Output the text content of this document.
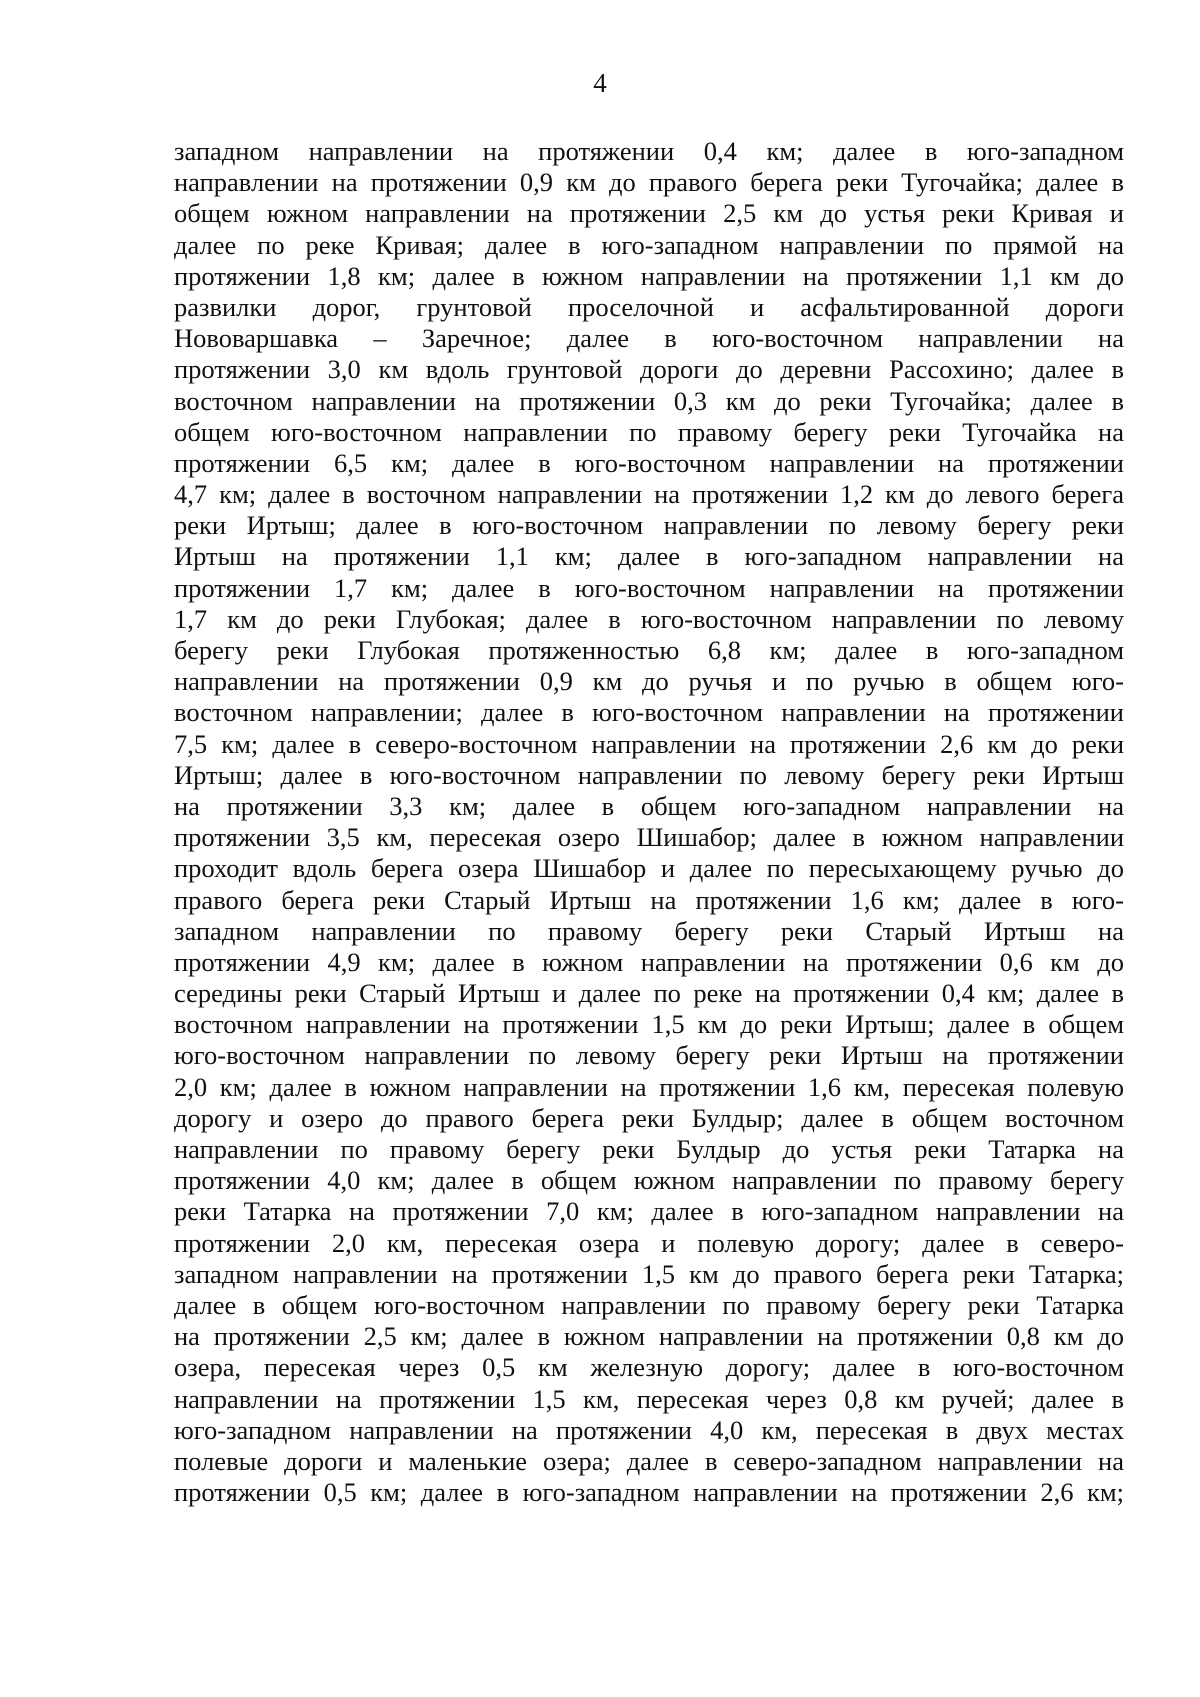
4
западном направлении на протяжении 0,4 км; далее в юго-западном
направлении на протяжении 0,9 км до правого берега реки Тугочайка; далее в
общем южном направлении на протяжении 2,5 км до устья реки Кривая и
далее по реке Кривая; далее в юго-западном направлении по прямой на
протяжении 1,8 км; далее в южном направлении на протяжении 1,1 км до
развилки дорог, грунтовой проселочной и асфальтированной дороги
Нововаршавка – Заречное; далее в юго-восточном направлении на
протяжении 3,0 км вдоль грунтовой дороги до деревни Рассохино; далее в
восточном направлении на протяжении 0,3 км до реки Тугочайка; далее в
общем юго-восточном направлении по правому берегу реки Тугочайка на
протяжении 6,5 км; далее в юго-восточном направлении на протяжении
4,7 км; далее в восточном направлении на протяжении 1,2 км до левого берега
реки Иртыш; далее в юго-восточном направлении по левому берегу реки
Иртыш на протяжении 1,1 км; далее в юго-западном направлении на
протяжении 1,7 км; далее в юго-восточном направлении на протяжении
1,7 км до реки Глубокая; далее в юго-восточном направлении по левому
берегу реки Глубокая протяженностью 6,8 км; далее в юго-западном
направлении на протяжении 0,9 км до ручья и по ручью в общем юго-
восточном направлении; далее в юго-восточном направлении на протяжении
7,5 км; далее в северо-восточном направлении на протяжении 2,6 км до реки
Иртыш; далее в юго-восточном направлении по левому берегу реки Иртыш
на протяжении 3,3 км; далее в общем юго-западном направлении на
протяжении 3,5 км, пересекая озеро Шишабор; далее в южном направлении
проходит вдоль берега озера Шишабор и далее по пересыхающему ручью до
правого берега реки Старый Иртыш на протяжении 1,6 км; далее в юго-
западном направлении по правому берегу реки Старый Иртыш на
протяжении 4,9 км; далее в южном направлении на протяжении 0,6 км до
середины реки Старый Иртыш и далее по реке на протяжении 0,4 км; далее в
восточном направлении на протяжении 1,5 км до реки Иртыш; далее в общем
юго-восточном направлении по левому берегу реки Иртыш на протяжении
2,0 км; далее в южном направлении на протяжении 1,6 км, пересекая полевую
дорогу и озеро до правого берега реки Булдыр; далее в общем восточном
направлении по правому берегу реки Булдыр до устья реки Татарка на
протяжении 4,0 км; далее в общем южном направлении по правому берегу
реки Татарка на протяжении 7,0 км; далее в юго-западном направлении на
протяжении 2,0 км, пересекая озера и полевую дорогу; далее в северо-
западном направлении на протяжении 1,5 км до правого берега реки Татарка;
далее в общем юго-восточном направлении по правому берегу реки Татарка
на протяжении 2,5 км; далее в южном направлении на протяжении 0,8 км до
озера, пересекая через 0,5 км железную дорогу; далее в юго-восточном
направлении на протяжении 1,5 км, пересекая через 0,8 км ручей; далее в
юго-западном направлении на протяжении 4,0 км, пересекая в двух местах
полевые дороги и маленькие озера; далее в северо-западном направлении на
протяжении 0,5 км; далее в юго-западном направлении на протяжении 2,6 км;
